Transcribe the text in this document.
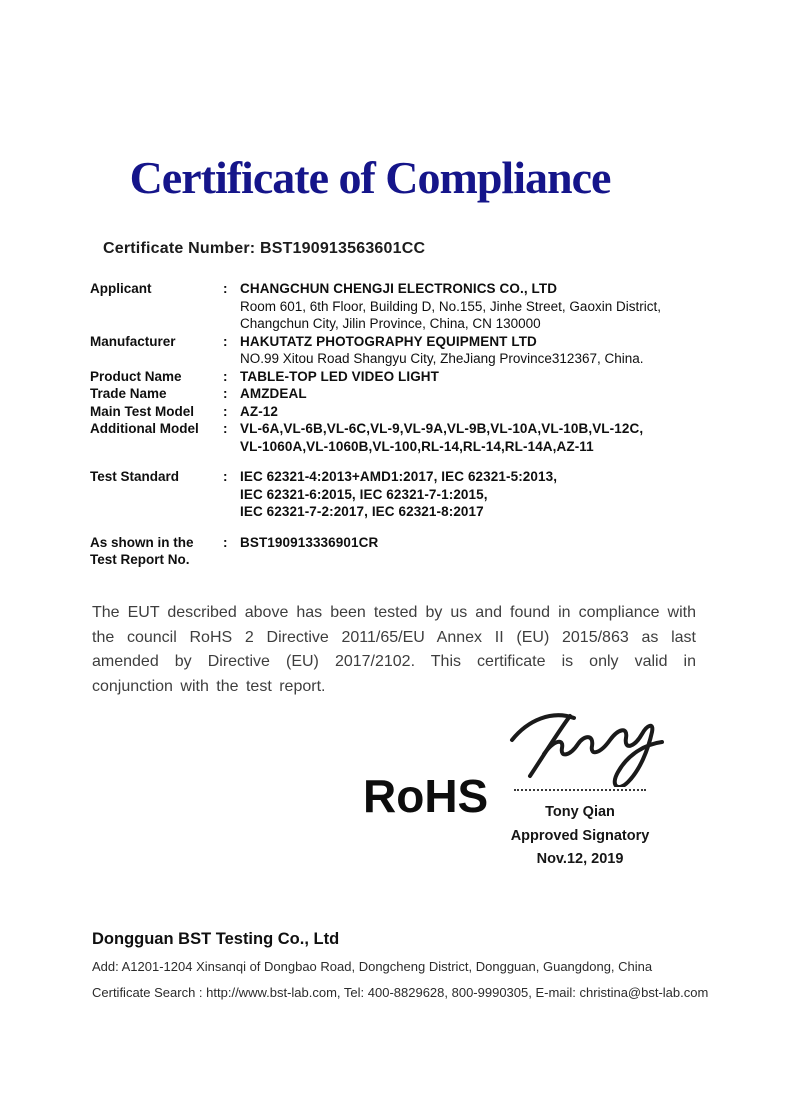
Certificate of Compliance
Certificate Number: BST190913563601CC
Applicant	: CHANGCHUN CHENGJI ELECTRONICS CO., LTD
Room 601, 6th Floor, Building D, No.155, Jinhe Street, Gaoxin District,
Changchun City, Jilin Province, China, CN 130000
Manufacturer	: HAKUTATZ PHOTOGRAPHY EQUIPMENT LTD
NO.99 Xitou Road Shangyu City, ZheJiang Province312367, China.
Product Name	: TABLE-TOP LED VIDEO LIGHT
Trade Name	: AMZDEAL
Main Test Model	: AZ-12
Additional Model	: VL-6A,VL-6B,VL-6C,VL-9,VL-9A,VL-9B,VL-10A,VL-10B,VL-12C,
VL-1060A,VL-1060B,VL-100,RL-14,RL-14,RL-14A,AZ-11
Test Standard	: IEC 62321-4:2013+AMD1:2017, IEC 62321-5:2013,
IEC 62321-6:2015, IEC 62321-7-1:2015,
IEC 62321-7-2:2017, IEC 62321-8:2017
As shown in the
Test Report No.
: BST190913336901CR
The EUT described above has been tested by us and found in compliance with the council RoHS 2 Directive 2011/65/EU Annex II (EU) 2015/863 as last amended by Directive (EU) 2017/2102. This certificate is only valid in conjunction with the test report.
RoHS	Tony Qian
Approved Signatory
Nov.12, 2019
Dongguan BST Testing Co., Ltd
Add: A1201-1204 Xinsanqi of Dongbao Road, Dongcheng District, Dongguan, Guangdong, China
Certificate Search : http://www.bst-lab.com, Tel: 400-8829628, 800-9990305, E-mail: christina@bst-lab.com
